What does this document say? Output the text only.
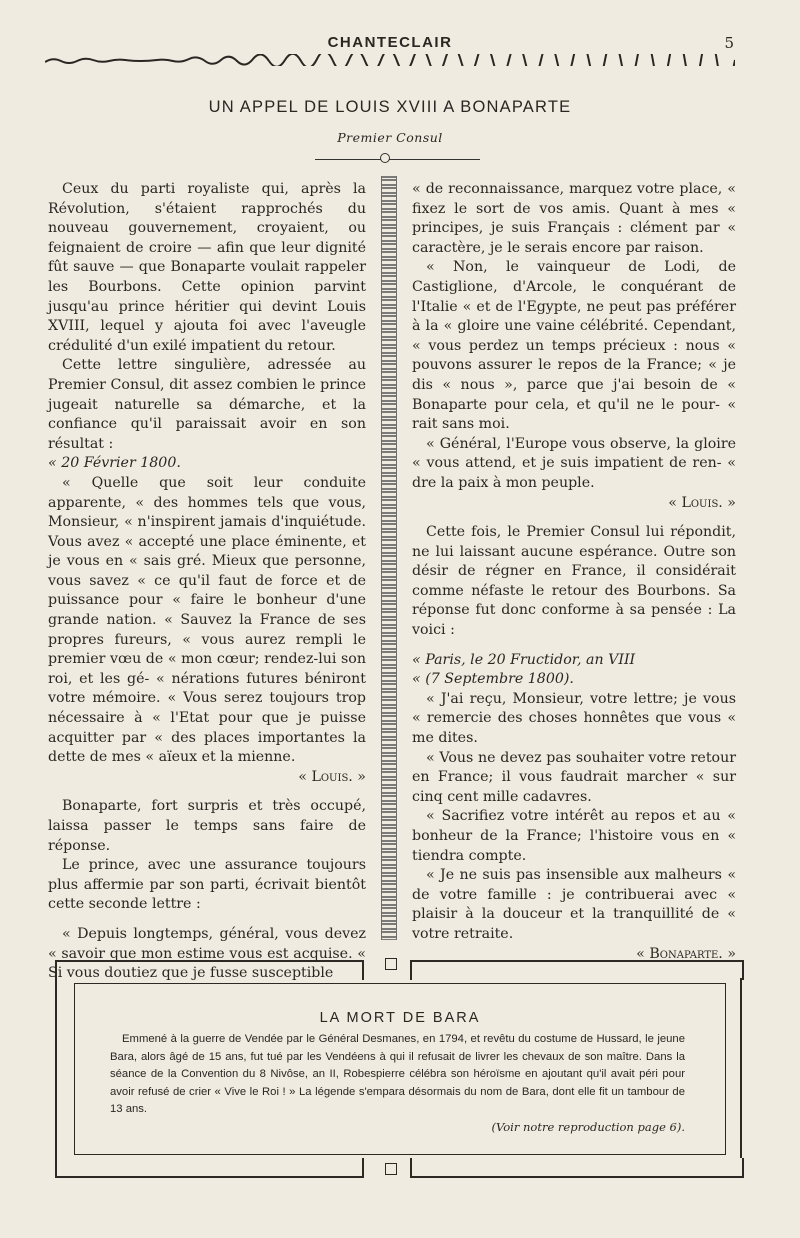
CHANTECLAIR	5
UN APPEL DE LOUIS XVIII A BONAPARTE
Premier Consul

Ceux du parti royaliste qui, après la Révolution, s'étaient rapprochés du nouveau gouvernement, croyaient, ou feignaient de croire — afin que leur dignité fût sauve — que Bonaparte voulait rappeler les Bourbons. Cette opinion parvint jusqu'au prince héritier qui devint Louis XVIII, lequel y ajouta foi avec l'aveugle crédulité d'un exilé impatient du retour.

Cette lettre singulière, adressée au Premier Consul, dit assez combien le prince jugeait naturelle sa démarche, et la confiance qu'il paraissait avoir en son résultat :

« 20 Février 1800.

« Quelle que soit leur conduite apparente, « des hommes tels que vous, Monsieur, « n'inspirent jamais d'inquiétude. Vous avez « accepté une place éminente, et je vous en « sais gré. Mieux que personne, vous savez « ce qu'il faut de force et de puissance pour « faire le bonheur d'une grande nation. « Sauvez la France de ses propres fureurs, « vous aurez rempli le premier vœu de « mon cœur; rendez-lui son roi, et les gé- « nérations futures béniront votre mémoire. « Vous serez toujours trop nécessaire à « l'Etat pour que je puisse acquitter par « des places importantes la dette de mes « aïeux et la mienne.

« Louis. »

Bonaparte, fort surpris et très occupé, laissa passer le temps sans faire de réponse.

Le prince, avec une assurance toujours plus affermie par son parti, écrivait bientôt cette seconde lettre :

« Depuis longtemps, général, vous devez « savoir que mon estime vous est acquise. « Si vous doutiez que je fusse susceptible

« de reconnaissance, marquez votre place, « fixez le sort de vos amis. Quant à mes « principes, je suis Français : clément par « caractère, je le serais encore par raison.

« Non, le vainqueur de Lodi, de Castiglione, d'Arcole, le conquérant de l'Italie « et de l'Egypte, ne peut pas préférer à la « gloire une vaine célébrité. Cependant, « vous perdez un temps précieux : nous « pouvons assurer le repos de la France; « je dis « nous », parce que j'ai besoin de « Bonaparte pour cela, et qu'il ne le pour- « rait sans moi.

« Général, l'Europe vous observe, la gloire « vous attend, et je suis impatient de ren- « dre la paix à mon peuple.

« Louis. »

Cette fois, le Premier Consul lui répondit, ne lui laissant aucune espérance. Outre son désir de régner en France, il considérait comme néfaste le retour des Bourbons. Sa réponse fut donc conforme à sa pensée : La voici :

« Paris, le 20 Fructidor, an VIII

« (7 Septembre 1800).

« J'ai reçu, Monsieur, votre lettre; je vous « remercie des choses honnêtes que vous « me dites.

« Vous ne devez pas souhaiter votre retour en France; il vous faudrait marcher « sur cinq cent mille cadavres.

« Sacrifiez votre intérêt au repos et au « bonheur de la France; l'histoire vous en « tiendra compte.

« Je ne suis pas insensible aux malheurs « de votre famille : je contribuerai avec « plaisir à la douceur et la tranquillité de « votre retraite.

« Bonaparte. »

LA MORT DE BARA
Emmené à la guerre de Vendée par le Général Desmanes, en 1794, et revêtu du costume de Hussard, le jeune Bara, alors âgé de 15 ans, fut tué par les Vendéens à qui il refusait de livrer les chevaux de son maître. Dans la séance de la Convention du 8 Nivôse, an II, Robespierre célébra son héroïsme en ajoutant qu'il avait péri pour avoir refusé de crier « Vive le Roi ! » La légende s'empara désormais du nom de Bara, dont elle fit un tambour de 13 ans.
(Voir notre reproduction page 6).
